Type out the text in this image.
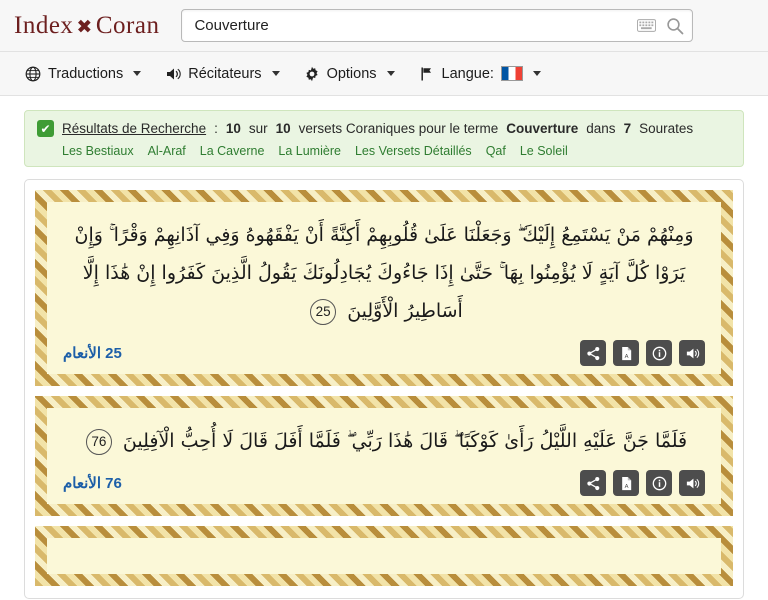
Index ✖ Coran
Couverture
Traductions	Récitateurs	Options	Langue:
✔ Résultats de Recherche : 10 sur 10 versets Coraniques pour le terme Couverture dans 7 Sourates
Les Bestiaux Al-Araf La Caverne La Lumière Les Versets Détaillés Qaf Le Soleil
وَمِنْهُمْ مَنْ يَسْتَمِعُ إِلَيْكَ ۖ وَجَعَلْنَا عَلَىٰ قُلُوبِهِمْ أَكِنَّةً أَنْ يَفْقَهُوهُ وَفِي آذَانِهِمْ وَقْرًا ۚ وَإِنْ يَرَوْا كُلَّ آيَةٍ لَا يُؤْمِنُوا بِهَا ۚ حَتَّىٰ إِذَا جَاءُوكَ يُجَادِلُونَكَ يَقُولُ الَّذِينَ كَفَرُوا إِنْ هَٰذَا إِلَّا أَسَاطِيرُ الْأَوَّلِينَ 25
25 الأنعام	A
فَلَمَّا جَنَّ عَلَيْهِ اللَّيْلُ رَأَىٰ كَوْكَبًا ۖ قَالَ هَٰذَا رَبِّي ۖ فَلَمَّا أَفَلَ قَالَ لَا أُحِبُّ الْآفِلِينَ 76
76 الأنعام	A
